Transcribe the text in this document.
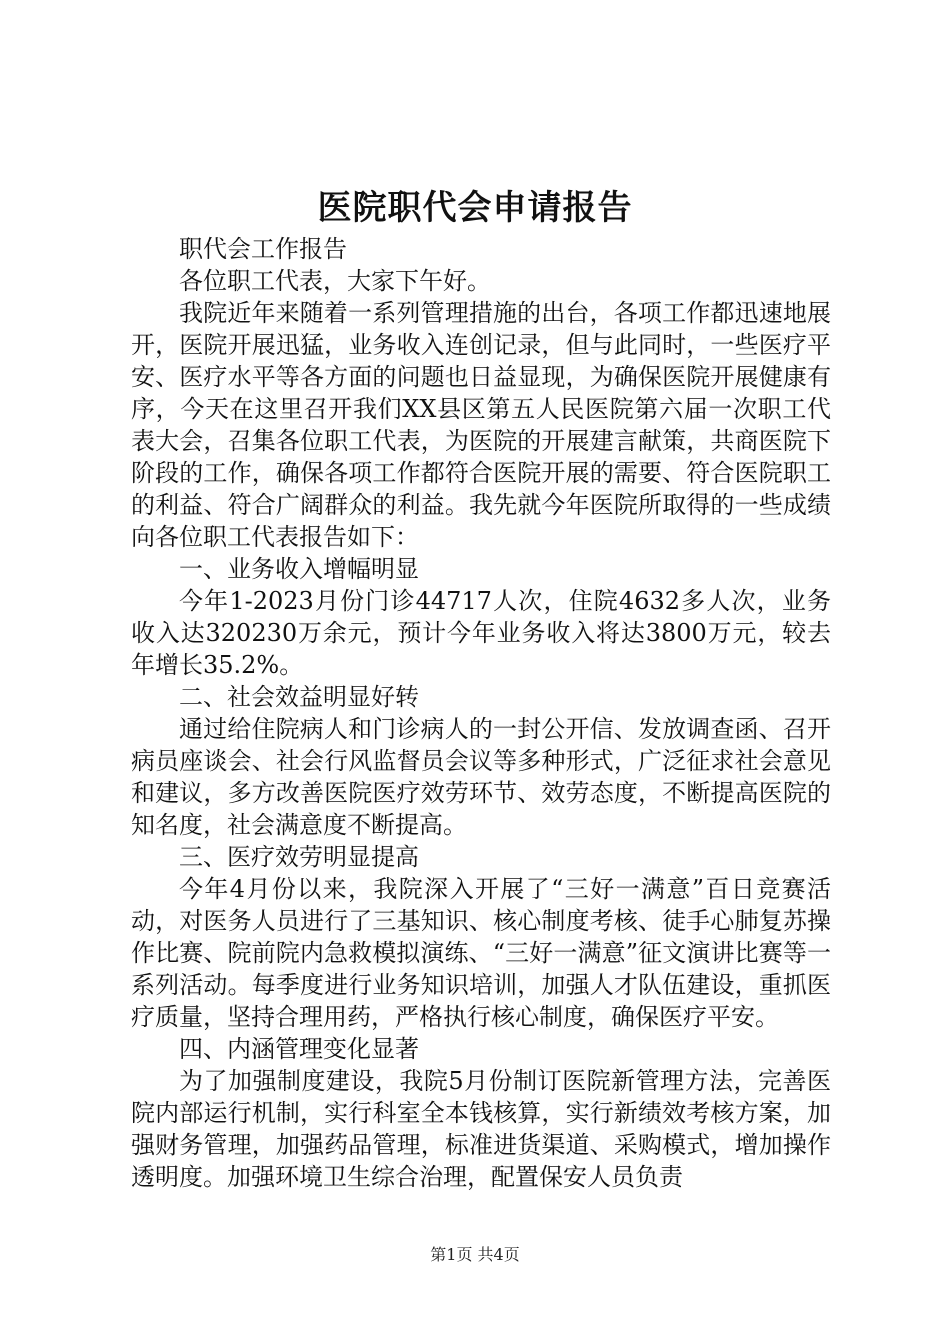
医院职代会申请报告

职代会工作报告

各位职工代表，大家下午好。

我院近年来随着一系列管理措施的出台，各项工作都迅速地展开，医院开展迅猛，业务收入连创记录，但与此同时，一些医疗平安、医疗水平等各方面的问题也日益显现，为确保医院开展健康有序，今天在这里召开我们XX县区第五人民医院第六届一次职工代表大会，召集各位职工代表，为医院的开展建言献策，共商医院下阶段的工作，确保各项工作都符合医院开展的需要、符合医院职工的利益、符合广阔群众的利益。我先就今年医院所取得的一些成绩向各位职工代表报告如下：

一、业务收入增幅明显

今年1-2023月份门诊44717人次，住院4632多人次，业务收入达320230万余元，预计今年业务收入将达3800万元，较去年增长35.2%。

二、社会效益明显好转

通过给住院病人和门诊病人的一封公开信、发放调查函、召开病员座谈会、社会行风监督员会议等多种形式，广泛征求社会意见和建议，多方改善医院医疗效劳环节、效劳态度，不断提高医院的知名度，社会满意度不断提高。

三、医疗效劳明显提高

今年4月份以来，我院深入开展了“三好一满意”百日竞赛活动，对医务人员进行了三基知识、核心制度考核、徒手心肺复苏操作比赛、院前院内急救模拟演练、“三好一满意”征文演讲比赛等一系列活动。每季度进行业务知识培训，加强人才队伍建设，重抓医疗质量，坚持合理用药，严格执行核心制度，确保医疗平安。

四、内涵管理变化显著

为了加强制度建设，我院5月份制订医院新管理方法，完善医院内部运行机制，实行科室全本钱核算，实行新绩效考核方案，加强财务管理，加强药品管理，标准进货渠道、采购模式，增加操作透明度。加强环境卫生综合治理，配置保安人员负责

第1页 共4页
